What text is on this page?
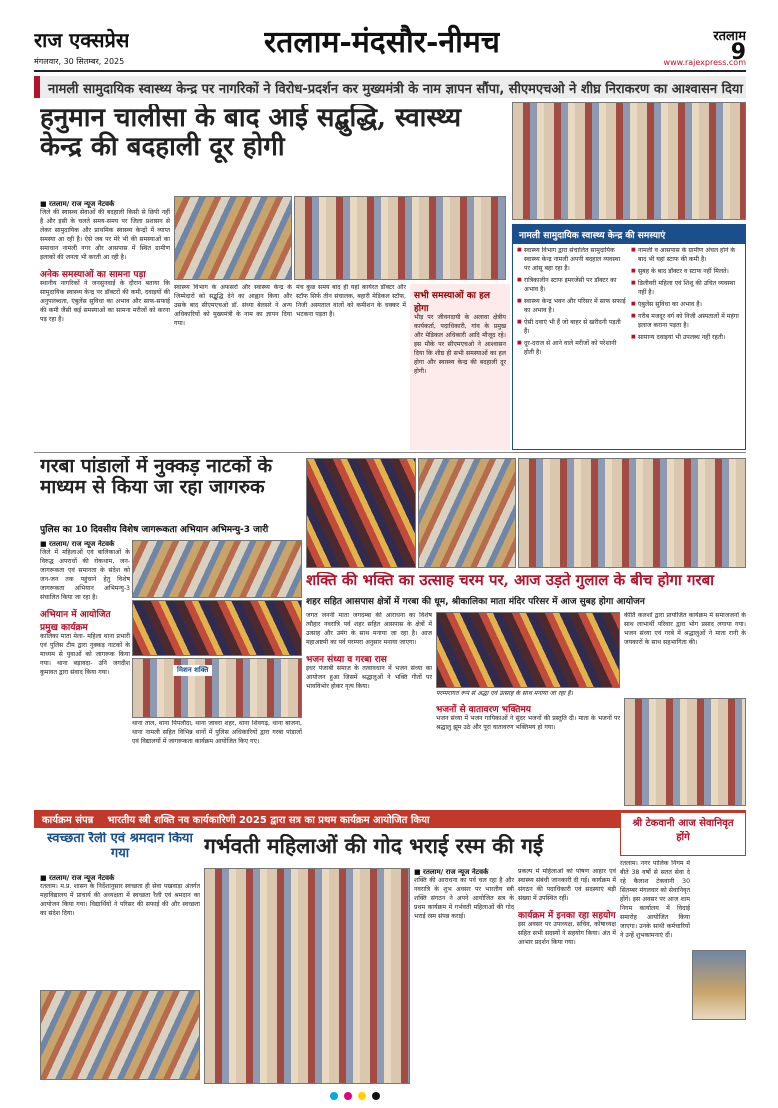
राज एक्सप्रेस
मंगलवार, 30 सितम्बर, 2025
रतलाम-मंदसौर-नीमच	रतलाम
9
www.rajexpress.com
नामली सामुदायिक स्वास्थ्य केन्द्र पर नागरिकों ने विरोध-प्रदर्शन कर मुख्यमंत्री के नाम ज्ञापन सौंपा, सीएमएचओ ने शीघ्र निराकरण का आश्वासन दिया
हनुमान चालीसा के बाद आई सद्बुद्धि, स्वास्थ्य केन्द्र की बदहाली दूर होगी
■ रतलाम/ राज न्यूज नेटवर्क
जिले की स्वास्थ्य सेवाओं की बदहाली किसी से छिपी नहीं है और इसी के चलते समय-समय पर जिला प्रशासन से लेकर सामुदायिक और प्राथमिक स्वास्थ्य केन्द्रों में व्याप्त समस्या आ रही है। ऐसे जब पर मेरे भी की समस्याओं का समाधान नामली नगर और आसपास में स्थित ग्रामीण इलाकों की जनता भी करती आ रही है।
अनेक समस्याओं का सामना पड़ा
स्थानीय नागरिकों ने जनसुनवाई के दौरान बताया कि सामुदायिक स्वास्थ्य केन्द्र पर डॉक्टरों की कमी, दवाइयों की अनुपलब्धता, एंबुलेंस सुविधा का अभाव और साफ-सफाई की कमी जैसी कई समस्याओं का सामना मरीजों को करना पड़ रहा है।
स्वास्थ्य विभाग के अफसरों और स्वास्थ्य केन्द्र के जिम्मेदारों को सद्बुद्धि देने का आह्वान किया और उसके बाद सीएमएचओ डॉ. संध्या बेलसरे ने अन्य अधिकारियों को मुख्यमंत्री के नाम का ज्ञापन दिया गया।
मंच कुछ समय बाद ही यहां कार्यरत डॉक्टर और स्टॉफ सिर्फ तीन संचालक, बहारी मेडिकल स्टॉफ, निजी अस्पताल वालों को कमीशन के चक्कर में भटकना पड़ता है।
सभी समस्याओं का हल होगा
भीड़ पर जीवनदायी के अलावा क्षेत्रीय कार्यकर्ता, पदाधिकारी, गांव के प्रमुख और मेडिकल अधिकारी आदि मौजूद रहे। इस मौके पर सीएमएचओ ने आश्वासन दिया कि शीघ्र ही सभी समस्याओं का हल होगा और स्वास्थ्य केन्द्र की बदहाली दूर होगी।
नामली सामुदायिक स्वास्थ्य केन्द्र की समस्याएं
■ स्वास्थ्य विभाग द्वारा संचालित सामुदायिक स्वास्थ्य केन्द्र नामली अपनी बदहाल व्यवस्था पर आंसू बहा रहा है।
■ रात्रिकालीन स्टाफ इमरजेंसी पर डॉक्टर का अभाव है।
■ स्वास्थ्य केन्द्र भवन और परिसर में साफ सफाई का अभाव है।
■ ऐसी दवाएं भी हैं जो बाहर से खरीदनी पड़ती हैं।
■ दूर-दराज से आने वाले मरीजों को परेशानी होती है।
■ नामली व आसपास के ग्रामीण अंचल होने के बाद भी यहां स्टाफ की कमी है।
■ सुबह के बाद डॉक्टर व स्टाफ नहीं मिलते।
■ डिलीवरी महिला एवं शिशु की उचित व्यवस्था नहीं है।
■ एंबुलेंस सुविधा का अभाव है।
■ गरीब मजदूर वर्ग को निजी अस्पतालों में महंगा इलाज कराना पड़ता है।
■ सामान्य दवाइयां भी उपलब्ध नहीं रहती।
गरबा पांडालों में नुक्कड़ नाटकों के माध्यम से किया जा रहा जागरुक
पुलिस का 10 दिवसीय विशेष जागरूकता अभियान अभिमन्यु-3 जारी
■ रतलाम/ राज न्यूज नेटवर्क
जिले में महिलाओं एवं बालिकाओं के विरुद्ध अपराधों की रोकथाम, जन-जागरूकता एवं समानता के संदेश को जन-जन तक पहुंचाने हेतु विशेष जागरूकता अभियान अभिमन्यु-3 संचालित किया जा रहा है।
अभियान में आयोजित प्रमुख कार्यक्रम
कालिका माता मेला- महिला थाना प्रभारी एवं पुलिस टीम द्वारा नुक्कड़ नाटकों के माध्यम से युवाओं को जागरूक किया गया। थाना बड़ावदा- उनि जगदीश कुमावत द्वारा संवाद किया गया।	मिशन शक्ति
थाना ताल, थाना पिपलौदा, थाना जावरा शहर, थाना शिवगढ़, थाना बाजना, थाना नामली सहित विभिन्न थानों में पुलिस अधिकारियों द्वारा गरबा पांडालों एवं विद्यालयों में जागरूकता कार्यक्रम आयोजित किए गए।
शक्ति की भक्ति का उत्साह चरम पर, आज उड़ते गुलाल के बीच होगा गरबा
शहर सहित आसपास क्षेत्रों में गरबा की धूम, श्रीकालिका माता मंदिर परिसर में आज सुबह होगा आयोजन
जगत जननी माता जगदम्बा की आराधना का विशेष त्यौहार नवरात्रि पर्व शहर सहित आसपास के क्षेत्रों में उत्साह और उमंग के साथ मनाया जा रहा है। आज महाअष्टमी का पर्व परम्परा अनुसार मनाया जाएगा।
भजन संध्या व गरबा रास
इधर पंजाबी समाज के तत्वावधान में भजन संध्या का आयोजन हुआ जिसमें श्रद्धालुओं ने भक्ति गीतों पर भावविभोर होकर नृत्य किया।
परम्परागत रूप से अद्धा एवं उत्साह के साथ मनाया जा रहा है।
भजनों से वातावरण भक्तिमय
भजन संध्या में भजन गायिकाओं ने सुंदर भजनों की प्रस्तुति दी। माता के भजनों पर श्रद्धालु झूम उठे और पूरा वातावरण भक्तिमय हो गया।
कीर्ति कलशों द्वारा प्रायोजित कार्यक्रम में समाजजनों के साथ लाभार्थी परिवार द्वारा भोग प्रसाद लगाया गया। भजन संध्या एवं गरबे में श्रद्धालुओं ने माता रानी के जयकारों के साथ सहभागिता की।
कार्यक्रम संपन्न भारतीय स्त्री शक्ति नव कार्यकारिणी 2025 द्वारा सत्र का प्रथम कार्यक्रम आयोजित किया	श्री टेकवानी आज सेवानिवृत होंगे
स्वच्छता रैली एवं श्रमदान किया गया
■ रतलाम/ राज न्यूज नेटवर्क
रतलाम। म.प्र. शासन के निर्देशानुसार स्वच्छता ही सेवा पखवाड़ा अंतर्गत महाविद्यालय में प्राचार्य की अध्यक्षता में स्वच्छता रैली एवं श्रमदान का आयोजन किया गया। विद्यार्थियों ने परिसर की सफाई की और स्वच्छता का संदेश दिया।
गर्भवती महिलाओं की गोद भराई रस्म की गई
■ रतलाम/ राज न्यूज नेटवर्क
शक्ति की आराधना का पर्व चल रहा है और नवरात्रि के शुभ अवसर पर भारतीय स्त्री शक्ति संगठन ने अपने आयोजित सत्र के प्रथम कार्यक्रम में गर्भवती महिलाओं की गोद भराई रस्म संपन्न कराई।
प्रकल्प में महिलाओं को पोषण आहार एवं स्वास्थ्य संबंधी जानकारी दी गई। कार्यक्रम में संगठन की पदाधिकारी एवं सदस्याएं बड़ी संख्या में उपस्थित रहीं।
कार्यक्रम में इनका रहा सहयोग
इस अवसर पर उपाध्यक्ष, सचिव, कोषाध्यक्ष सहित सभी सदस्यों ने सहयोग किया। अंत में आभार प्रदर्शन किया गया।
रतलाम। नगर पालिक निगम में बीते 38 वर्षों से सतत सेवा दे रहे कैलाश टेकवानी 30 सितम्बर मंगलवार को सेवानिवृत होंगे। इस अवसर पर आज शाम निगम कार्यालय में विदाई समारोह आयोजित किया जाएगा। उनके साथी कर्मचारियों ने उन्हें शुभकामनाएं दीं।
